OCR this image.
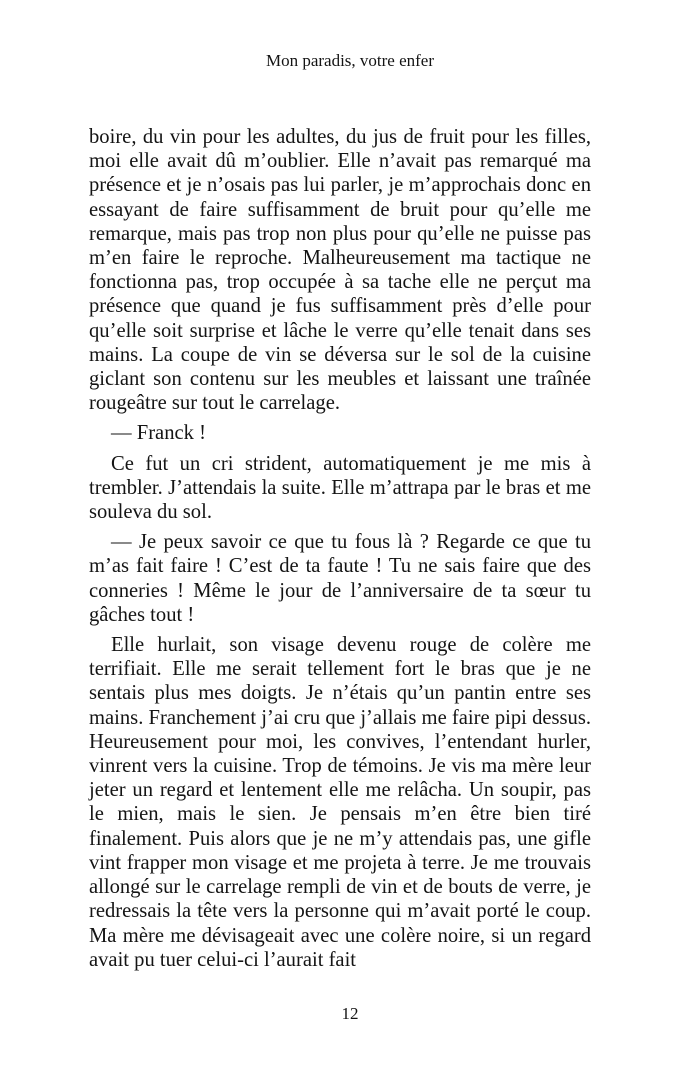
Mon paradis, votre enfer

boire, du vin pour les adultes, du jus de fruit pour les filles, moi elle avait dû m’oublier. Elle n’avait pas remarqué ma présence et je n’osais pas lui parler, je m’approchais donc en essayant de faire suffisamment de bruit pour qu’elle me remarque, mais pas trop non plus pour qu’elle ne puisse pas m’en faire le reproche. Malheureusement ma tactique ne fonctionna pas, trop occupée à sa tache elle ne perçut ma présence que quand je fus suffisamment près d’elle pour qu’elle soit surprise et lâche le verre qu’elle tenait dans ses mains. La coupe de vin se déversa sur le sol de la cuisine giclant son contenu sur les meubles et laissant une traînée rougeâtre sur tout le carrelage.

— Franck !

Ce fut un cri strident, automatiquement je me mis à trembler. J’attendais la suite. Elle m’attrapa par le bras et me souleva du sol.

— Je peux savoir ce que tu fous là ? Regarde ce que tu m’as fait faire ! C’est de ta faute ! Tu ne sais faire que des conneries ! Même le jour de l’anniversaire de ta sœur tu gâches tout !

Elle hurlait, son visage devenu rouge de colère me terrifiait. Elle me serait tellement fort le bras que je ne sentais plus mes doigts. Je n’étais qu’un pantin entre ses mains. Franchement j’ai cru que j’allais me faire pipi dessus. Heureusement pour moi, les convives, l’entendant hurler, vinrent vers la cuisine. Trop de témoins. Je vis ma mère leur jeter un regard et lentement elle me relâcha. Un soupir, pas le mien, mais le sien. Je pensais m’en être bien tiré finalement. Puis alors que je ne m’y attendais pas, une gifle vint frapper mon visage et me projeta à terre. Je me trouvais allongé sur le carrelage rempli de vin et de bouts de verre, je redressais la tête vers la personne qui m’avait porté le coup. Ma mère me dévisageait avec une colère noire, si un regard avait pu tuer celui-ci l’aurait fait

12
